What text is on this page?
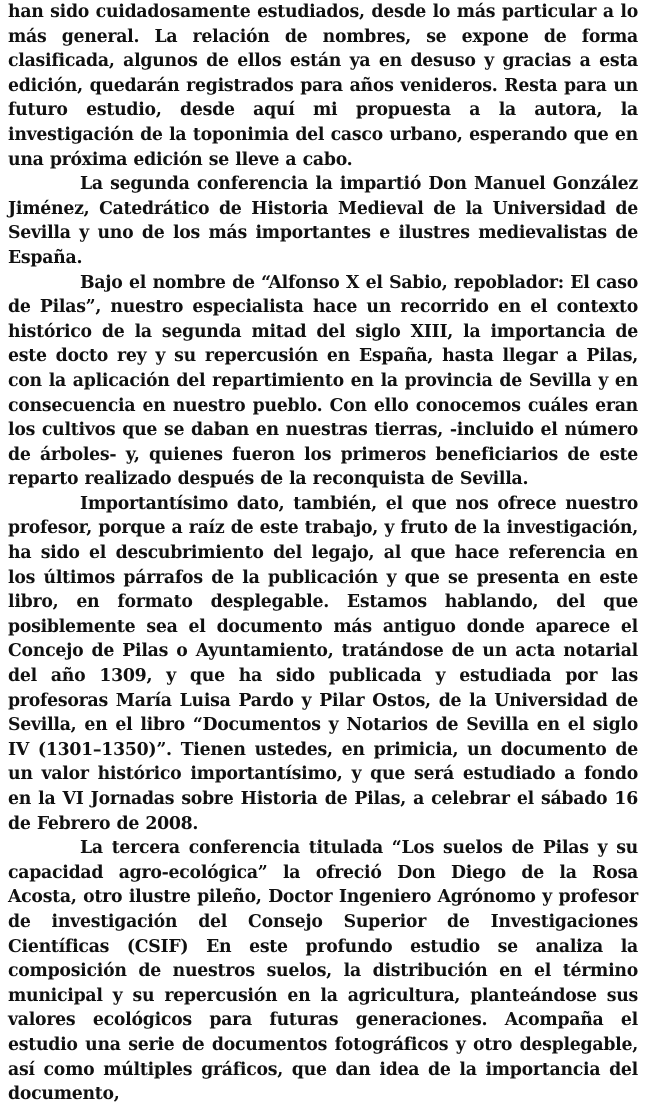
han sido cuidadosamente estudiados, desde lo más particular a lo más general. La relación de nombres, se expone de forma clasificada, algunos de ellos están ya en desuso y gracias a esta edición, quedarán registrados para años venideros. Resta para un futuro estudio, desde aquí mi propuesta a la autora, la investigación de la toponimia del casco urbano, esperando que en una próxima edición se lleve a cabo.

La segunda conferencia la impartió Don Manuel González Jiménez, Catedrático de Historia Medieval de la Universidad de Sevilla y uno de los más importantes e ilustres medievalistas de España.

Bajo el nombre de “Alfonso X el Sabio, repoblador: El caso de Pilas”, nuestro especialista hace un recorrido en el contexto histórico de la segunda mitad del siglo XIII, la importancia de este docto rey y su repercusión en España, hasta llegar a Pilas, con la aplicación del repartimiento en la provincia de Sevilla y en consecuencia en nuestro pueblo. Con ello conocemos cuáles eran los cultivos que se daban en nuestras tierras, -incluido el número de árboles- y, quienes fueron los primeros beneficiarios de este reparto realizado después de la reconquista de Sevilla.

Importantísimo dato, también, el que nos ofrece nuestro profesor, porque a raíz de este trabajo, y fruto de la investigación, ha sido el descubrimiento del legajo, al que hace referencia en los últimos párrafos de la publicación y que se presenta en este libro, en formato desplegable. Estamos hablando, del que posiblemente sea el documento más antiguo donde aparece el Concejo de Pilas o Ayuntamiento, tratándose de un acta notarial del año 1309, y que ha sido publicada y estudiada por las profesoras María Luisa Pardo y Pilar Ostos, de la Universidad de Sevilla, en el libro “Documentos y Notarios de Sevilla en el siglo IV (1301–1350)”. Tienen ustedes, en primicia, un documento de un valor histórico importantísimo, y que será estudiado a fondo en la VI Jornadas sobre Historia de Pilas, a celebrar el sábado 16 de Febrero de 2008.

La tercera conferencia titulada “Los suelos de Pilas y su capacidad agro-ecológica” la ofreció Don Diego de la Rosa Acosta, otro ilustre pileño, Doctor Ingeniero Agrónomo y profesor de investigación del Consejo Superior de Investigaciones Científicas (CSIF) En este profundo estudio se analiza la composición de nuestros suelos, la distribución en el término municipal y su repercusión en la agricultura, planteándose sus valores ecológicos para futuras generaciones. Acompaña el estudio una serie de documentos fotográficos y otro desplegable, así como múltiples gráficos, que dan idea de la importancia del documento,
